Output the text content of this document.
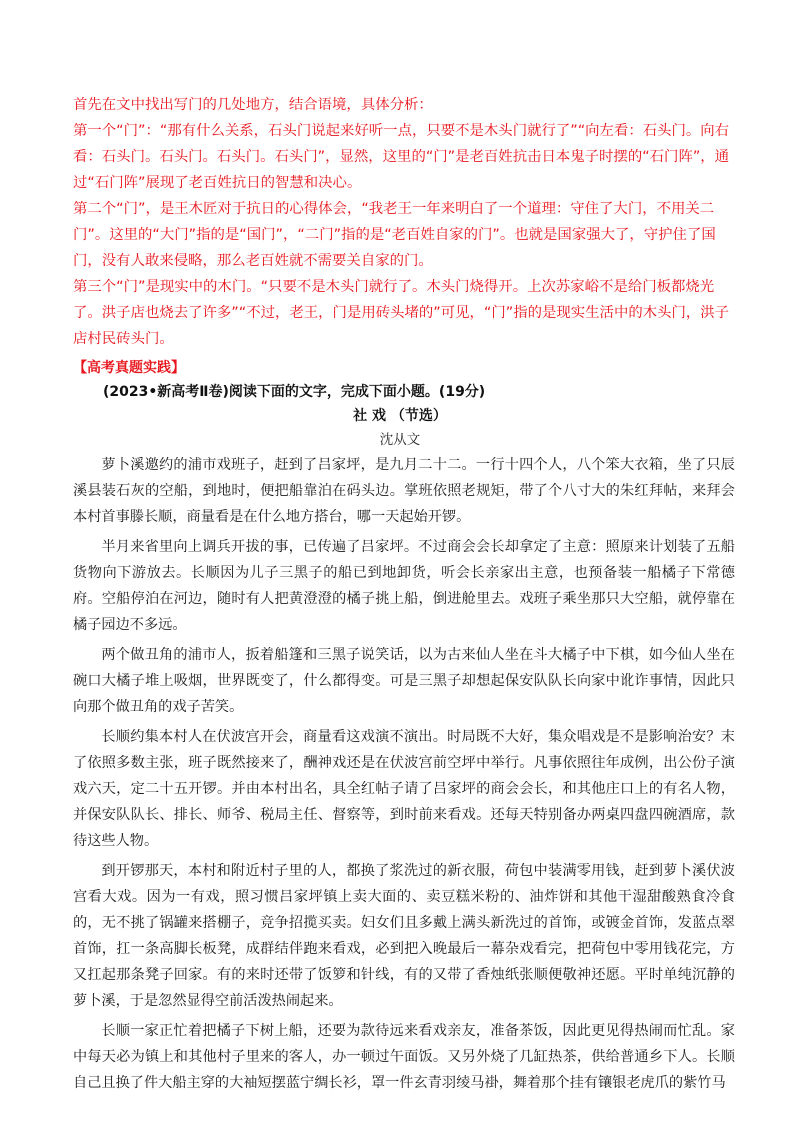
首先在文中找出写门的几处地方，结合语境，具体分析：

第一个“门”：“那有什么关系，石头门说起来好听一点，只要不是木头门就行了”“向左看：石头门。向右看：石头门。石头门。石头门。石头门”，显然，这里的“门”是老百姓抗击日本鬼子时摆的“石门阵”，通过“石门阵”展现了老百姓抗日的智慧和决心。

第二个“门”，是王木匠对于抗日的心得体会，“我老王一年来明白了一个道理：守住了大门，不用关二门”。这里的“大门”指的是“国门”，“二门”指的是“老百姓自家的门”。也就是国家强大了，守护住了国门，没有人敢来侵略，那么老百姓就不需要关自家的门。

第三个“门”是现实中的木门。“只要不是木头门就行了。木头门烧得开。上次苏家峪不是给门板都烧光了。洪子店也烧去了许多”“不过，老王，门是用砖头堵的”可见，“门”指的是现实生活中的木头门，洪子店村民砖头门。

【高考真题实践】
(2023•新高考Ⅱ卷)阅读下面的文字，完成下面小题。(19分)
社 戏 （节选）
沈从文

萝卜溪邀约的浦市戏班子，赶到了吕家坪，是九月二十二。一行十四个人，八个笨大衣箱，坐了只辰溪县装石灰的空船，到地时，便把船靠泊在码头边。掌班依照老规矩，带了个八寸大的朱红拜帖，来拜会本村首事滕长顺，商量看是在什么地方搭台，哪一天起始开锣。

半月来省里向上调兵开拔的事，已传遍了吕家坪。不过商会会长却拿定了主意：照原来计划装了五船货物向下游放去。长顺因为儿子三黑子的船已到地卸货，听会长亲家出主意，也预备装一船橘子下常德府。空船停泊在河边，随时有人把黄澄澄的橘子挑上船，倒进舱里去。戏班子乘坐那只大空船，就停靠在橘子园边不多远。

两个做丑角的浦市人，扳着船篷和三黑子说笑话，以为古来仙人坐在斗大橘子中下棋，如今仙人坐在碗口大橘子堆上吸烟，世界既变了，什么都得变。可是三黑子却想起保安队队长向家中讹诈事情，因此只向那个做丑角的戏子苦笑。

长顺约集本村人在伏波宫开会，商量看这戏演不演出。时局既不大好，集众唱戏是不是影响治安？末了依照多数主张，班子既然接来了，酬神戏还是在伏波宫前空坪中举行。凡事依照往年成例，出公份子演戏六天，定二十五开锣。并由本村出名，具全红帖子请了吕家坪的商会会长，和其他庄口上的有名人物，并保安队队长、排长、师爷、税局主任、督察等，到时前来看戏。还每天特别备办两桌四盘四碗酒席，款待这些人物。

到开锣那天，本村和附近村子里的人，都换了浆洗过的新衣服，荷包中装满零用钱，赶到萝卜溪伏波宫看大戏。因为一有戏，照习惯吕家坪镇上卖大面的、卖豆糕米粉的、油炸饼和其他干湿甜酸熟食冷食的，无不挑了锅罐来搭棚子，竞争招揽买卖。妇女们且多戴上满头新洗过的首饰，或镀金首饰，发蓝点翠首饰，扛一条高脚长板凳，成群结伴跑来看戏，必到把入晚最后一幕杂戏看完，把荷包中零用钱花完，方又扛起那条凳子回家。有的来时还带了饭箩和针线，有的又带了香烛纸张顺便敬神还愿。平时单纯沉静的萝卜溪，于是忽然显得空前活泼热闹起来。

长顺一家正忙着把橘子下树上船，还要为款待远来看戏亲友，准备茶饭，因此更见得热闹而忙乱。家中每天必为镇上和其他村子里来的客人，办一顿过午面饭。又另外烧了几缸热茶，供给普通乡下人。长顺自己且换了件大船主穿的大袖短摆蓝宁绸长衫，罩一件玄青羽绫马褂，舞着那个挂有镶银老虎爪的紫竹马
